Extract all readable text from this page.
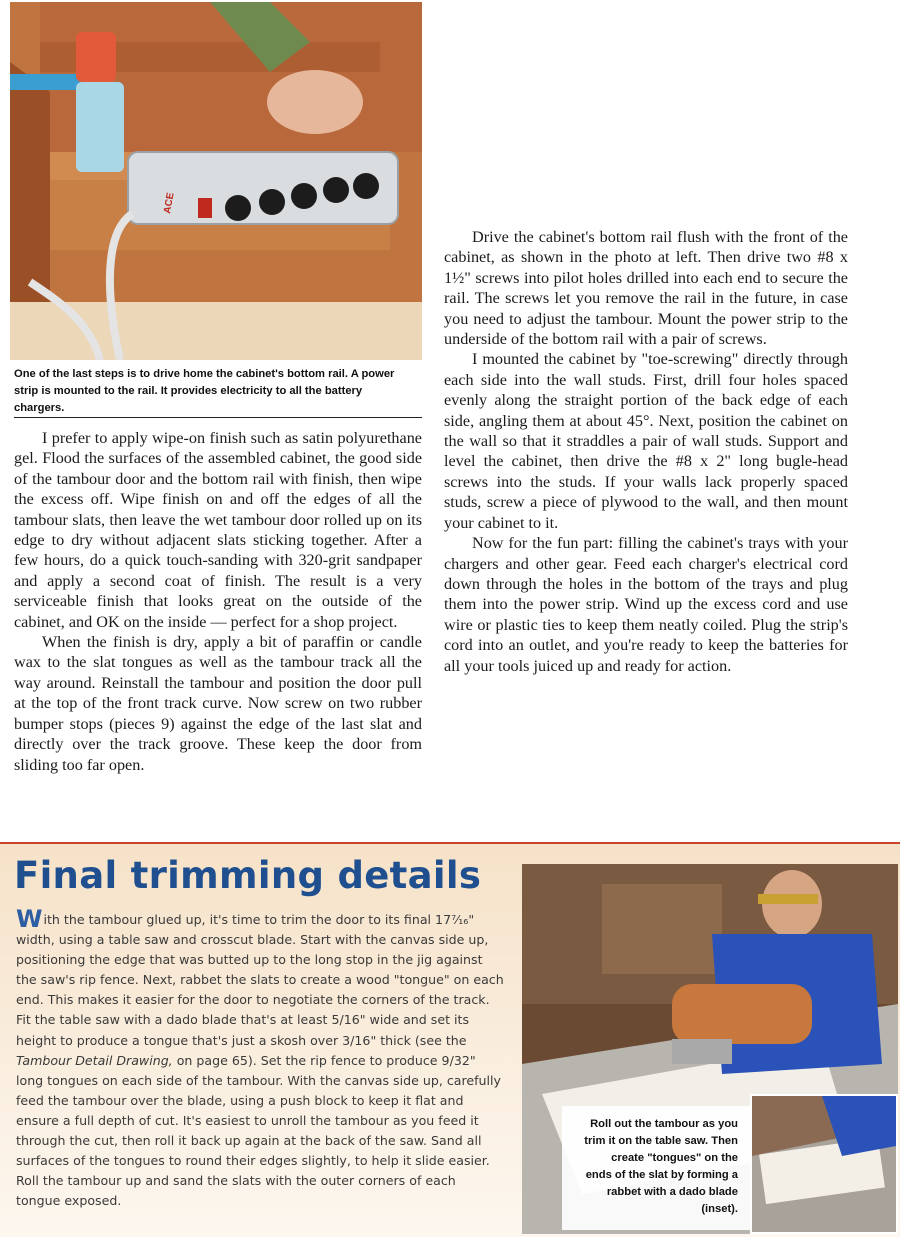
ACE

One of the last steps is to drive home the cabinet's bottom rail. A power strip is mounted to the rail. It provides electricity to all the battery chargers.

I prefer to apply wipe-on finish such as satin polyurethane gel. Flood the surfaces of the assembled cabinet, the good side of the tambour door and the bottom rail with finish, then wipe the excess off. Wipe finish on and off the edges of all the tambour slats, then leave the wet tambour door rolled up on its edge to dry without adjacent slats sticking together. After a few hours, do a quick touch-sanding with 320-grit sandpaper and apply a second coat of finish. The result is a very serviceable finish that looks great on the outside of the cabinet, and OK on the inside — perfect for a shop project.

When the finish is dry, apply a bit of paraffin or candle wax to the slat tongues as well as the tambour track all the way around. Reinstall the tambour and position the door pull at the top of the front track curve. Now screw on two rubber bumper stops (pieces 9) against the edge of the last slat and directly over the track groove. These keep the door from sliding too far open.

Drive the cabinet's bottom rail flush with the front of the cabinet, as shown in the photo at left. Then drive two #8 x 1½" screws into pilot holes drilled into each end to secure the rail. The screws let you remove the rail in the future, in case you need to adjust the tambour. Mount the power strip to the underside of the bottom rail with a pair of screws.

I mounted the cabinet by "toe-screwing" directly through each side into the wall studs. First, drill four holes spaced evenly along the straight portion of the back edge of each side, angling them at about 45°. Next, position the cabinet on the wall so that it straddles a pair of wall studs. Support and level the cabinet, then drive the #8 x 2" long bugle-head screws into the studs. If your walls lack properly spaced studs, screw a piece of plywood to the wall, and then mount your cabinet to it.

Now for the fun part: filling the cabinet's trays with your chargers and other gear. Feed each charger's electrical cord down through the holes in the bottom of the trays and plug them into the power strip. Wind up the excess cord and use wire or plastic ties to keep them neatly coiled. Plug the strip's cord into an outlet, and you're ready to keep the batteries for all your tools juiced up and ready for action.

Final trimming details

With the tambour glued up, it's time to trim the door to its final 17⁷⁄₁₆" width, using a table saw and crosscut blade. Start with the canvas side up, positioning the edge that was butted up to the long stop in the jig against the saw's rip fence. Next, rabbet the slats to create a wood "tongue" on each end. This makes it easier for the door to negotiate the corners of the track. Fit the table saw with a dado blade that's at least 5/16" wide and set its height to produce a tongue that's just a skosh over 3/16" thick (see the Tambour Detail Drawing, on page 65). Set the rip fence to produce 9/32" long tongues on each side of the tambour. With the canvas side up, carefully feed the tambour over the blade, using a push block to keep it flat and ensure a full depth of cut. It's easiest to unroll the tambour as you feed it through the cut, then roll it back up again at the back of the saw. Sand all surfaces of the tongues to round their edges slightly, to help it slide easier. Roll the tambour up and sand the slats with the outer corners of each tongue exposed.

Roll out the tambour as you trim it on the table saw. Then create "tongues" on the ends of the slat by forming a rabbet with a dado blade (inset).
